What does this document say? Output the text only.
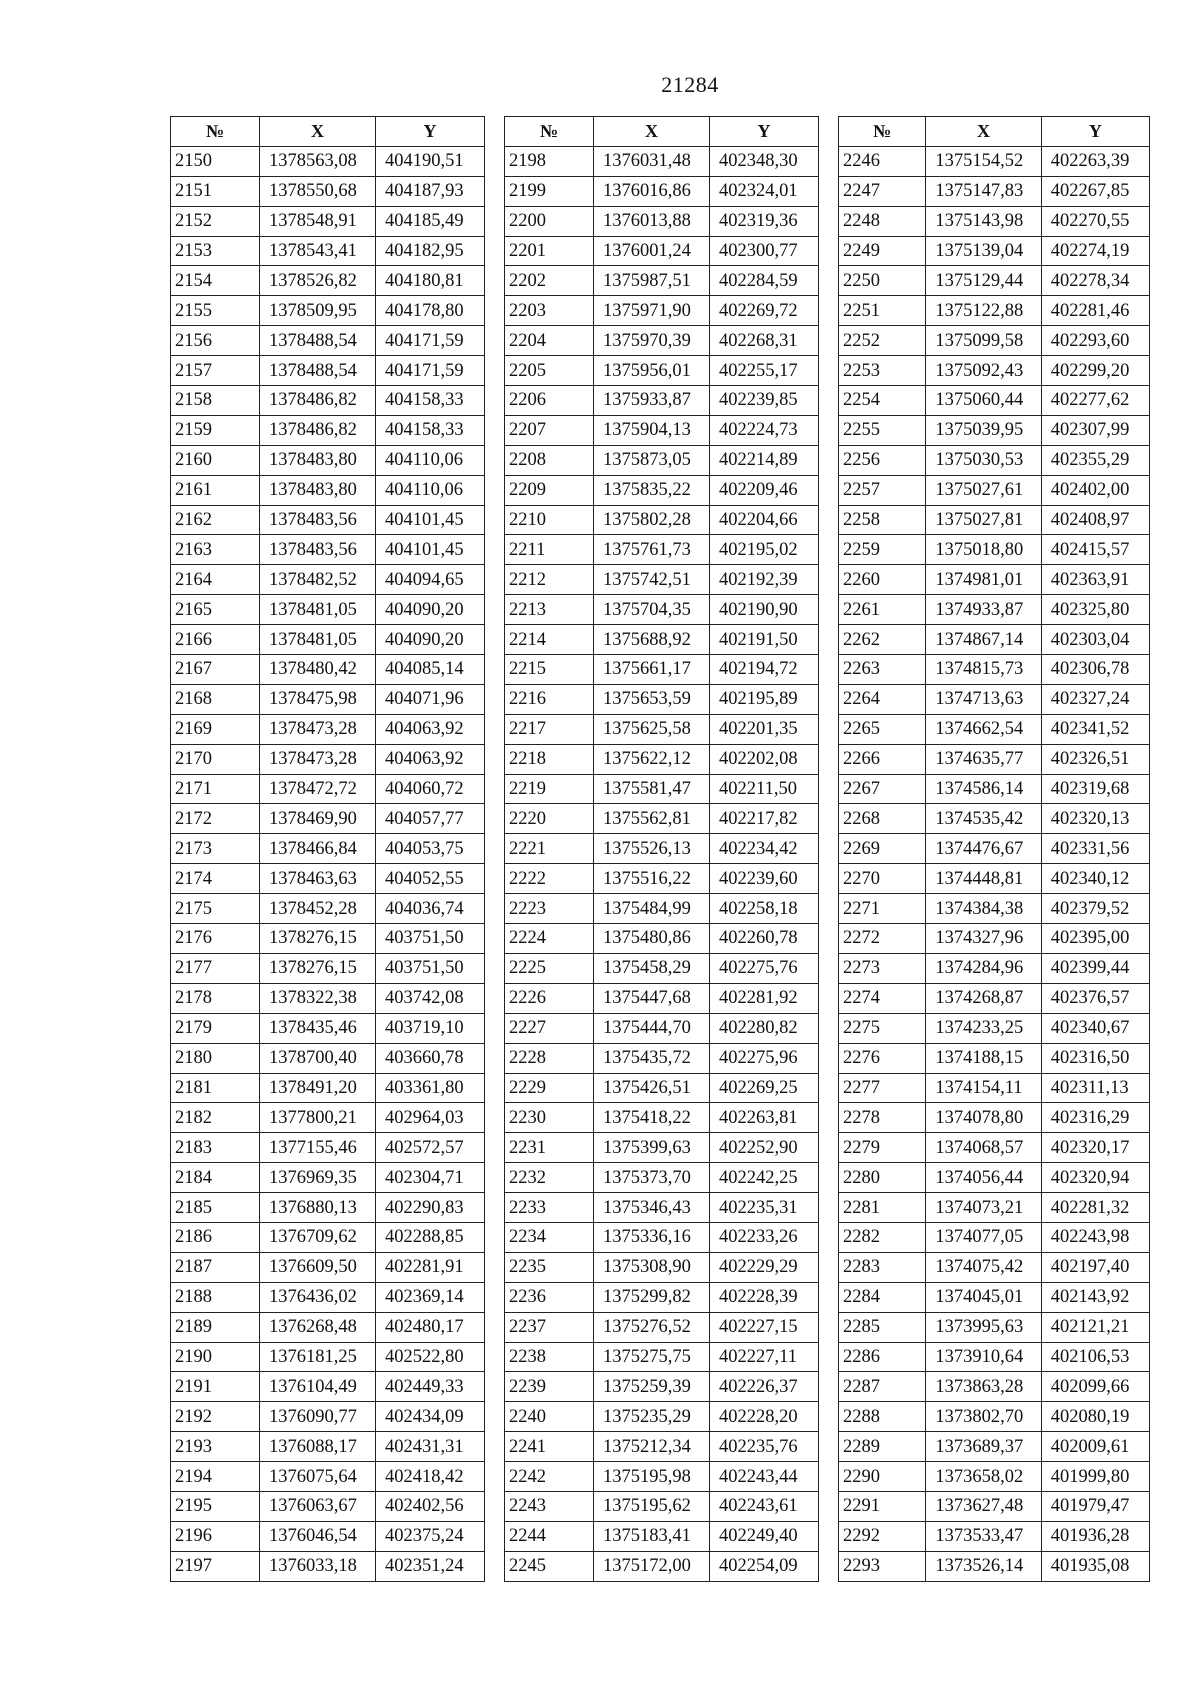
21284
№	X	Y
2150	1378563,08	404190,51
2151	1378550,68	404187,93
2152	1378548,91	404185,49
2153	1378543,41	404182,95
2154	1378526,82	404180,81
2155	1378509,95	404178,80
2156	1378488,54	404171,59
2157	1378488,54	404171,59
2158	1378486,82	404158,33
2159	1378486,82	404158,33
2160	1378483,80	404110,06
2161	1378483,80	404110,06
2162	1378483,56	404101,45
2163	1378483,56	404101,45
2164	1378482,52	404094,65
2165	1378481,05	404090,20
2166	1378481,05	404090,20
2167	1378480,42	404085,14
2168	1378475,98	404071,96
2169	1378473,28	404063,92
2170	1378473,28	404063,92
2171	1378472,72	404060,72
2172	1378469,90	404057,77
2173	1378466,84	404053,75
2174	1378463,63	404052,55
2175	1378452,28	404036,74
2176	1378276,15	403751,50
2177	1378276,15	403751,50
2178	1378322,38	403742,08
2179	1378435,46	403719,10
2180	1378700,40	403660,78
2181	1378491,20	403361,80
2182	1377800,21	402964,03
2183	1377155,46	402572,57
2184	1376969,35	402304,71
2185	1376880,13	402290,83
2186	1376709,62	402288,85
2187	1376609,50	402281,91
2188	1376436,02	402369,14
2189	1376268,48	402480,17
2190	1376181,25	402522,80
2191	1376104,49	402449,33
2192	1376090,77	402434,09
2193	1376088,17	402431,31
2194	1376075,64	402418,42
2195	1376063,67	402402,56
2196	1376046,54	402375,24
2197	1376033,18	402351,24
№	X	Y
2198	1376031,48	402348,30
2199	1376016,86	402324,01
2200	1376013,88	402319,36
2201	1376001,24	402300,77
2202	1375987,51	402284,59
2203	1375971,90	402269,72
2204	1375970,39	402268,31
2205	1375956,01	402255,17
2206	1375933,87	402239,85
2207	1375904,13	402224,73
2208	1375873,05	402214,89
2209	1375835,22	402209,46
2210	1375802,28	402204,66
2211	1375761,73	402195,02
2212	1375742,51	402192,39
2213	1375704,35	402190,90
2214	1375688,92	402191,50
2215	1375661,17	402194,72
2216	1375653,59	402195,89
2217	1375625,58	402201,35
2218	1375622,12	402202,08
2219	1375581,47	402211,50
2220	1375562,81	402217,82
2221	1375526,13	402234,42
2222	1375516,22	402239,60
2223	1375484,99	402258,18
2224	1375480,86	402260,78
2225	1375458,29	402275,76
2226	1375447,68	402281,92
2227	1375444,70	402280,82
2228	1375435,72	402275,96
2229	1375426,51	402269,25
2230	1375418,22	402263,81
2231	1375399,63	402252,90
2232	1375373,70	402242,25
2233	1375346,43	402235,31
2234	1375336,16	402233,26
2235	1375308,90	402229,29
2236	1375299,82	402228,39
2237	1375276,52	402227,15
2238	1375275,75	402227,11
2239	1375259,39	402226,37
2240	1375235,29	402228,20
2241	1375212,34	402235,76
2242	1375195,98	402243,44
2243	1375195,62	402243,61
2244	1375183,41	402249,40
2245	1375172,00	402254,09
№	X	Y
2246	1375154,52	402263,39
2247	1375147,83	402267,85
2248	1375143,98	402270,55
2249	1375139,04	402274,19
2250	1375129,44	402278,34
2251	1375122,88	402281,46
2252	1375099,58	402293,60
2253	1375092,43	402299,20
2254	1375060,44	402277,62
2255	1375039,95	402307,99
2256	1375030,53	402355,29
2257	1375027,61	402402,00
2258	1375027,81	402408,97
2259	1375018,80	402415,57
2260	1374981,01	402363,91
2261	1374933,87	402325,80
2262	1374867,14	402303,04
2263	1374815,73	402306,78
2264	1374713,63	402327,24
2265	1374662,54	402341,52
2266	1374635,77	402326,51
2267	1374586,14	402319,68
2268	1374535,42	402320,13
2269	1374476,67	402331,56
2270	1374448,81	402340,12
2271	1374384,38	402379,52
2272	1374327,96	402395,00
2273	1374284,96	402399,44
2274	1374268,87	402376,57
2275	1374233,25	402340,67
2276	1374188,15	402316,50
2277	1374154,11	402311,13
2278	1374078,80	402316,29
2279	1374068,57	402320,17
2280	1374056,44	402320,94
2281	1374073,21	402281,32
2282	1374077,05	402243,98
2283	1374075,42	402197,40
2284	1374045,01	402143,92
2285	1373995,63	402121,21
2286	1373910,64	402106,53
2287	1373863,28	402099,66
2288	1373802,70	402080,19
2289	1373689,37	402009,61
2290	1373658,02	401999,80
2291	1373627,48	401979,47
2292	1373533,47	401936,28
2293	1373526,14	401935,08
